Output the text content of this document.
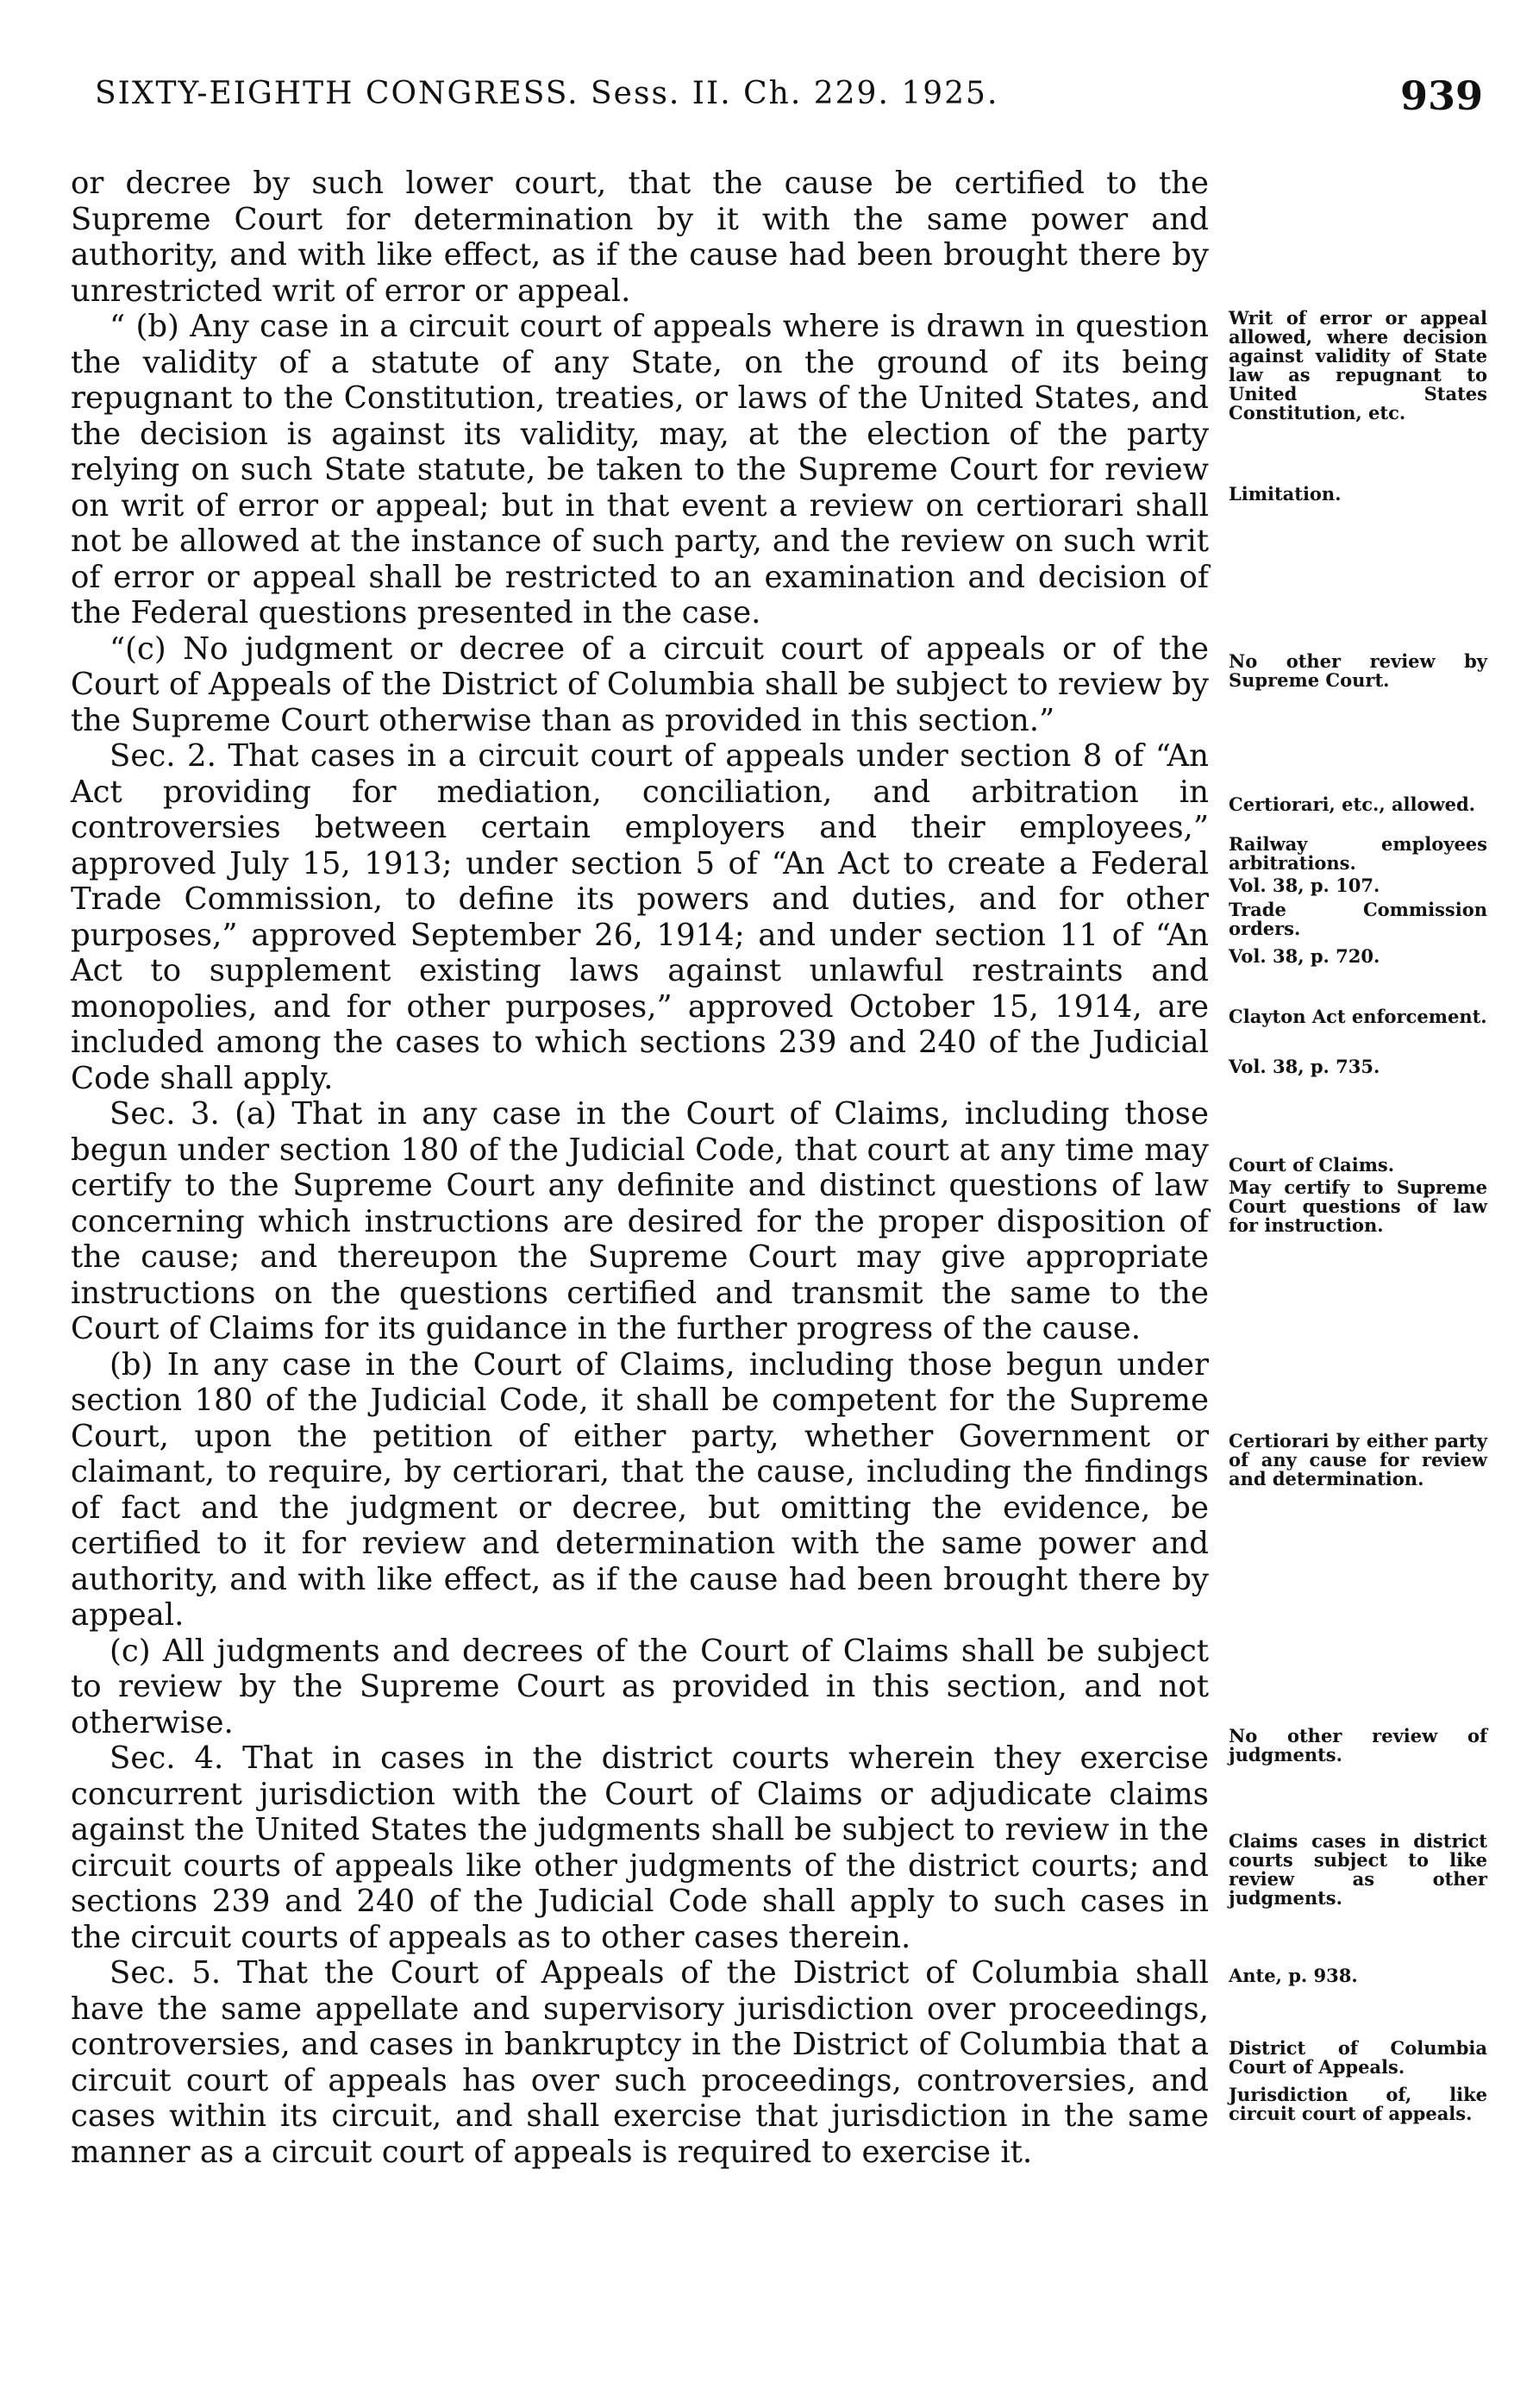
SIXTY-EIGHTH CONGRESS. Sess. II. Ch. 229. 1925.	939

or decree by such lower court, that the cause be certified to the Supreme Court for determination by it with the same power and authority, and with like effect, as if the cause had been brought there by unrestricted writ of error or appeal.

“ (b) Any case in a circuit court of appeals where is drawn in question the validity of a statute of any State, on the ground of its being repugnant to the Constitution, treaties, or laws of the United States, and the decision is against its validity, may, at the election of the party relying on such State statute, be taken to the Supreme Court for review on writ of error or appeal; but in that event a review on certiorari shall not be allowed at the instance of such party, and the review on such writ of error or appeal shall be restricted to an examination and decision of the Federal questions presented in the case.

“(c) No judgment or decree of a circuit court of appeals or of the Court of Appeals of the District of Columbia shall be subject to review by the Supreme Court otherwise than as provided in this section.”

Sec. 2. That cases in a circuit court of appeals under section 8 of “An Act providing for mediation, conciliation, and arbitration in controversies between certain employers and their employees,” approved July 15, 1913; under section 5 of “An Act to create a Federal Trade Commission, to define its powers and duties, and for other purposes,” approved September 26, 1914; and under section 11 of “An Act to supplement existing laws against unlawful restraints and monopolies, and for other purposes,” approved October 15, 1914, are included among the cases to which sections 239 and 240 of the Judicial Code shall apply.

Sec. 3. (a) That in any case in the Court of Claims, including those begun under section 180 of the Judicial Code, that court at any time may certify to the Supreme Court any definite and distinct questions of law concerning which instructions are desired for the proper disposition of the cause; and thereupon the Supreme Court may give appropriate instructions on the questions certified and transmit the same to the Court of Claims for its guidance in the further progress of the cause.

(b) In any case in the Court of Claims, including those begun under section 180 of the Judicial Code, it shall be competent for the Supreme Court, upon the petition of either party, whether Government or claimant, to require, by certiorari, that the cause, including the findings of fact and the judgment or decree, but omitting the evidence, be certified to it for review and determination with the same power and authority, and with like effect, as if the cause had been brought there by appeal.

(c) All judgments and decrees of the Court of Claims shall be subject to review by the Supreme Court as provided in this section, and not otherwise.

Sec. 4. That in cases in the district courts wherein they exercise concurrent jurisdiction with the Court of Claims or adjudicate claims against the United States the judgments shall be subject to review in the circuit courts of appeals like other judgments of the district courts; and sections 239 and 240 of the Judicial Code shall apply to such cases in the circuit courts of appeals as to other cases therein.

Sec. 5. That the Court of Appeals of the District of Columbia shall have the same appellate and supervisory jurisdiction over proceedings, controversies, and cases in bankruptcy in the District of Columbia that a circuit court of appeals has over such proceedings, controversies, and cases within its circuit, and shall exercise that jurisdiction in the same manner as a circuit court of appeals is required to exercise it.

Writ of error or appeal allowed, where decision against validity of State law as repugnant to United States Constitution, etc.
Limitation.
No other review by Supreme Court.
Certiorari, etc., allowed.
Railway employees arbitrations.
Vol. 38, p. 107.
Trade Commission orders.
Vol. 38, p. 720.
Clayton Act enforcement.
Vol. 38, p. 735.
Court of Claims.
May certify to Supreme Court questions of law for instruction.
Certiorari by either party of any cause for review and determination.
No other review of judgments.
Claims cases in district courts subject to like review as other judgments.
Ante, p. 938.
District of Columbia Court of Appeals.
Jurisdiction of, like circuit court of appeals.
